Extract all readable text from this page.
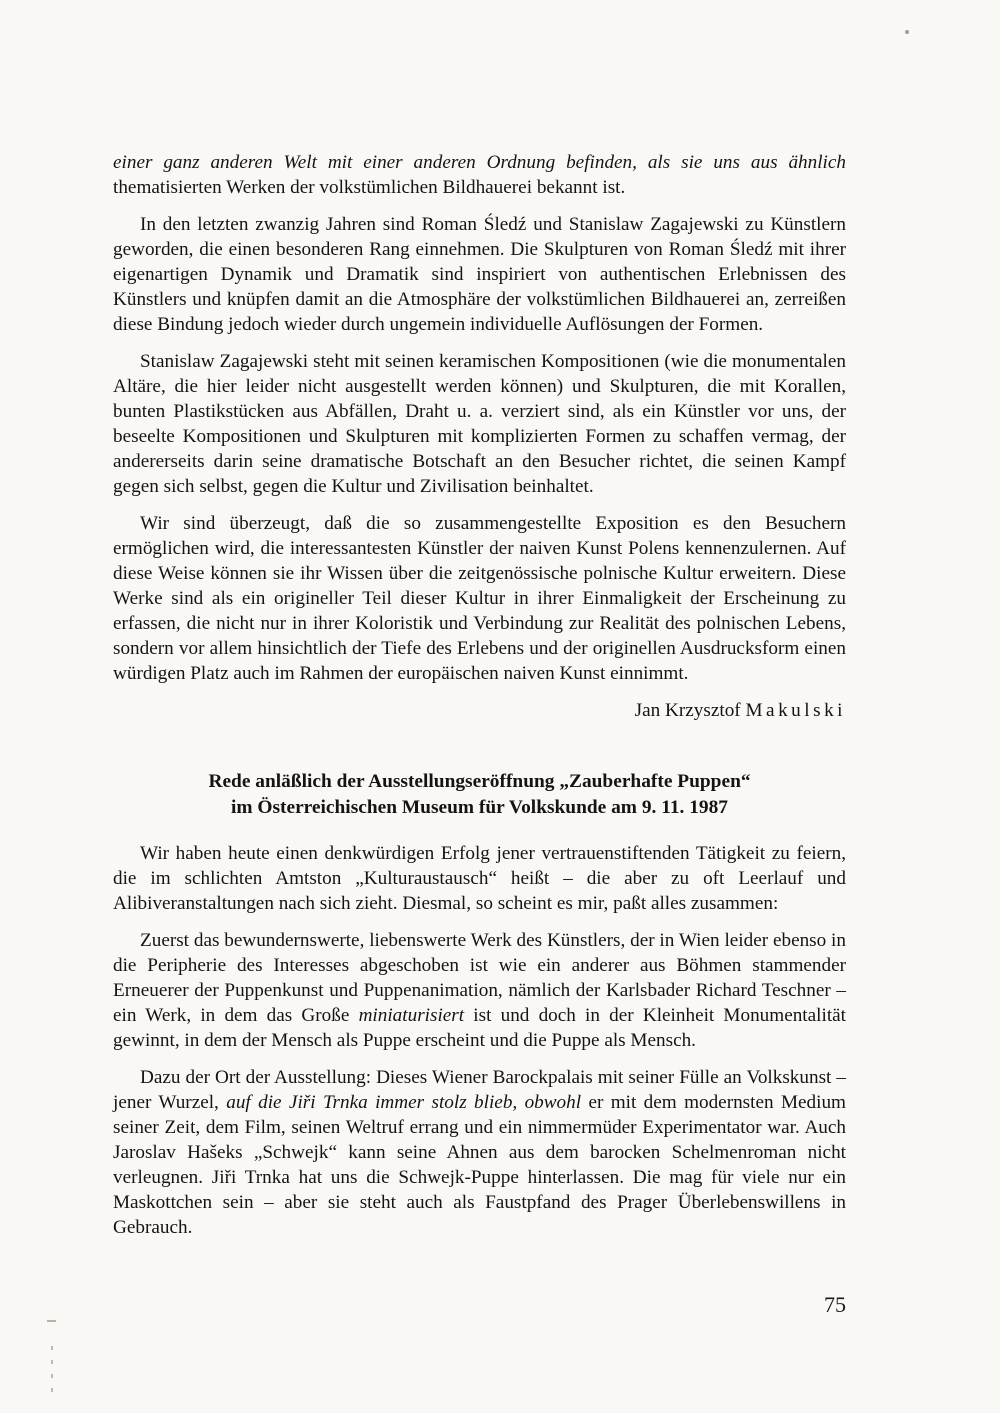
einer ganz anderen Welt mit einer anderen Ordnung befinden, als sie uns aus ähnlich thematisierten Werken der volkstümlichen Bildhauerei bekannt ist.

In den letzten zwanzig Jahren sind Roman Śledź und Stanislaw Zagajewski zu Künstlern geworden, die einen besonderen Rang einnehmen. Die Skulpturen von Roman Śledź mit ihrer eigenartigen Dynamik und Dramatik sind inspiriert von authentischen Erlebnissen des Künstlers und knüpfen damit an die Atmosphäre der volkstümlichen Bildhauerei an, zerreißen diese Bindung jedoch wieder durch ungemein individuelle Auflösungen der Formen.

Stanislaw Zagajewski steht mit seinen keramischen Kompositionen (wie die monumentalen Altäre, die hier leider nicht ausgestellt werden können) und Skulpturen, die mit Korallen, bunten Plastikstücken aus Abfällen, Draht u. a. verziert sind, als ein Künstler vor uns, der beseelte Kompositionen und Skulpturen mit komplizierten Formen zu schaffen vermag, der andererseits darin seine dramatische Botschaft an den Besucher richtet, die seinen Kampf gegen sich selbst, gegen die Kultur und Zivilisation beinhaltet.

Wir sind überzeugt, daß die so zusammengestellte Exposition es den Besuchern ermöglichen wird, die interessantesten Künstler der naiven Kunst Polens kennenzulernen. Auf diese Weise können sie ihr Wissen über die zeitgenössische polnische Kultur erweitern. Diese Werke sind als ein origineller Teil dieser Kultur in ihrer Einmaligkeit der Erscheinung zu erfassen, die nicht nur in ihrer Koloristik und Verbindung zur Realität des polnischen Lebens, sondern vor allem hinsichtlich der Tiefe des Erlebens und der originellen Ausdrucksform einen würdigen Platz auch im Rahmen der europäischen naiven Kunst einnimmt.

Jan Krzysztof Makulski

Rede anläßlich der Ausstellungseröffnung „Zauberhafte Puppen“
im Österreichischen Museum für Volkskunde am 9. 11. 1987

Wir haben heute einen denkwürdigen Erfolg jener vertrauenstiftenden Tätigkeit zu feiern, die im schlichten Amtston „Kulturaustausch“ heißt – die aber zu oft Leerlauf und Alibiveranstaltungen nach sich zieht. Diesmal, so scheint es mir, paßt alles zusammen:

Zuerst das bewundernswerte, liebenswerte Werk des Künstlers, der in Wien leider ebenso in die Peripherie des Interesses abgeschoben ist wie ein anderer aus Böhmen stammender Erneuerer der Puppenkunst und Puppenanimation, nämlich der Karlsbader Richard Teschner – ein Werk, in dem das Große miniaturisiert ist und doch in der Kleinheit Monumentalität gewinnt, in dem der Mensch als Puppe erscheint und die Puppe als Mensch.

Dazu der Ort der Ausstellung: Dieses Wiener Barockpalais mit seiner Fülle an Volkskunst – jener Wurzel, auf die Jiři Trnka immer stolz blieb, obwohl er mit dem modernsten Medium seiner Zeit, dem Film, seinen Weltruf errang und ein nimmermüder Experimentator war. Auch Jaroslav Hašeks „Schwejk“ kann seine Ahnen aus dem barocken Schelmenroman nicht verleugnen. Jiři Trnka hat uns die Schwejk-Puppe hinterlassen. Die mag für viele nur ein Maskottchen sein – aber sie steht auch als Faustpfand des Prager Überlebenswillens in Gebrauch.

75
